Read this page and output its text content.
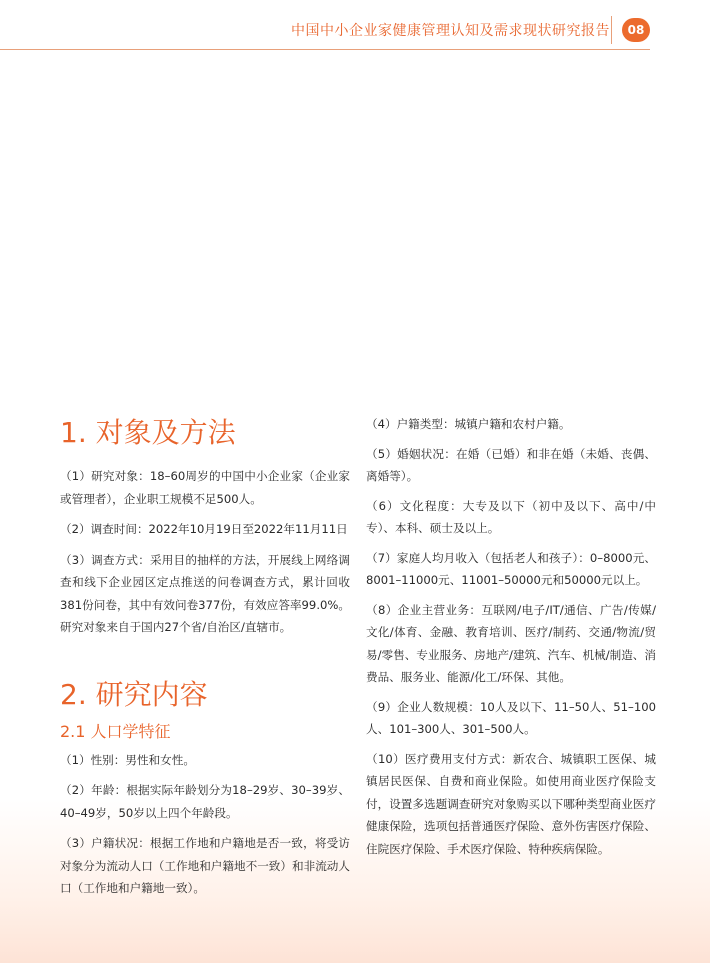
中国中小企业家健康管理认知及需求现状研究报告	08
1. 对象及方法

（1）研究对象：18–60周岁的中国中小企业家（企业家或管理者），企业职工规模不足500人。

（2）调查时间：2022年10月19日至2022年11月11日

（3）调查方式：采用目的抽样的方法，开展线上网络调查和线下企业园区定点推送的问卷调查方式，累计回收381份问卷，其中有效问卷377份，有效应答率99.0%。研究对象来自于国内27个省/自治区/直辖市。

2. 研究内容
2.1 人口学特征

（1）性别：男性和女性。

（2）年龄：根据实际年龄划分为18–29岁、30–39岁、40–49岁，50岁以上四个年龄段。

（3）户籍状况：根据工作地和户籍地是否一致，将受访对象分为流动人口（工作地和户籍地不一致）和非流动人口（工作地和户籍地一致）。

（4）户籍类型：城镇户籍和农村户籍。

（5）婚姻状况：在婚（已婚）和非在婚（未婚、丧偶、离婚等）。

（6）文化程度：大专及以下（初中及以下、高中/中专）、本科、硕士及以上。

（7）家庭人均月收入（包括老人和孩子）：0–8000元、8001–11000元、11001–50000元和50000元以上。

（8）企业主营业务：互联网/电子/IT/通信、广告/传媒/文化/体育、金融、教育培训、医疗/制药、交通/物流/贸易/零售、专业服务、房地产/建筑、汽车、机械/制造、消费品、服务业、能源/化工/环保、其他。

（9）企业人数规模：10人及以下、11–50人、51–100人、101–300人、301–500人。

（10）医疗费用支付方式：新农合、城镇职工医保、城镇居民医保、自费和商业保险。如使用商业医疗保险支付，设置多选题调查研究对象购买以下哪种类型商业医疗健康保险，选项包括普通医疗保险、意外伤害医疗保险、住院医疗保险、手术医疗保险、特种疾病保险。
